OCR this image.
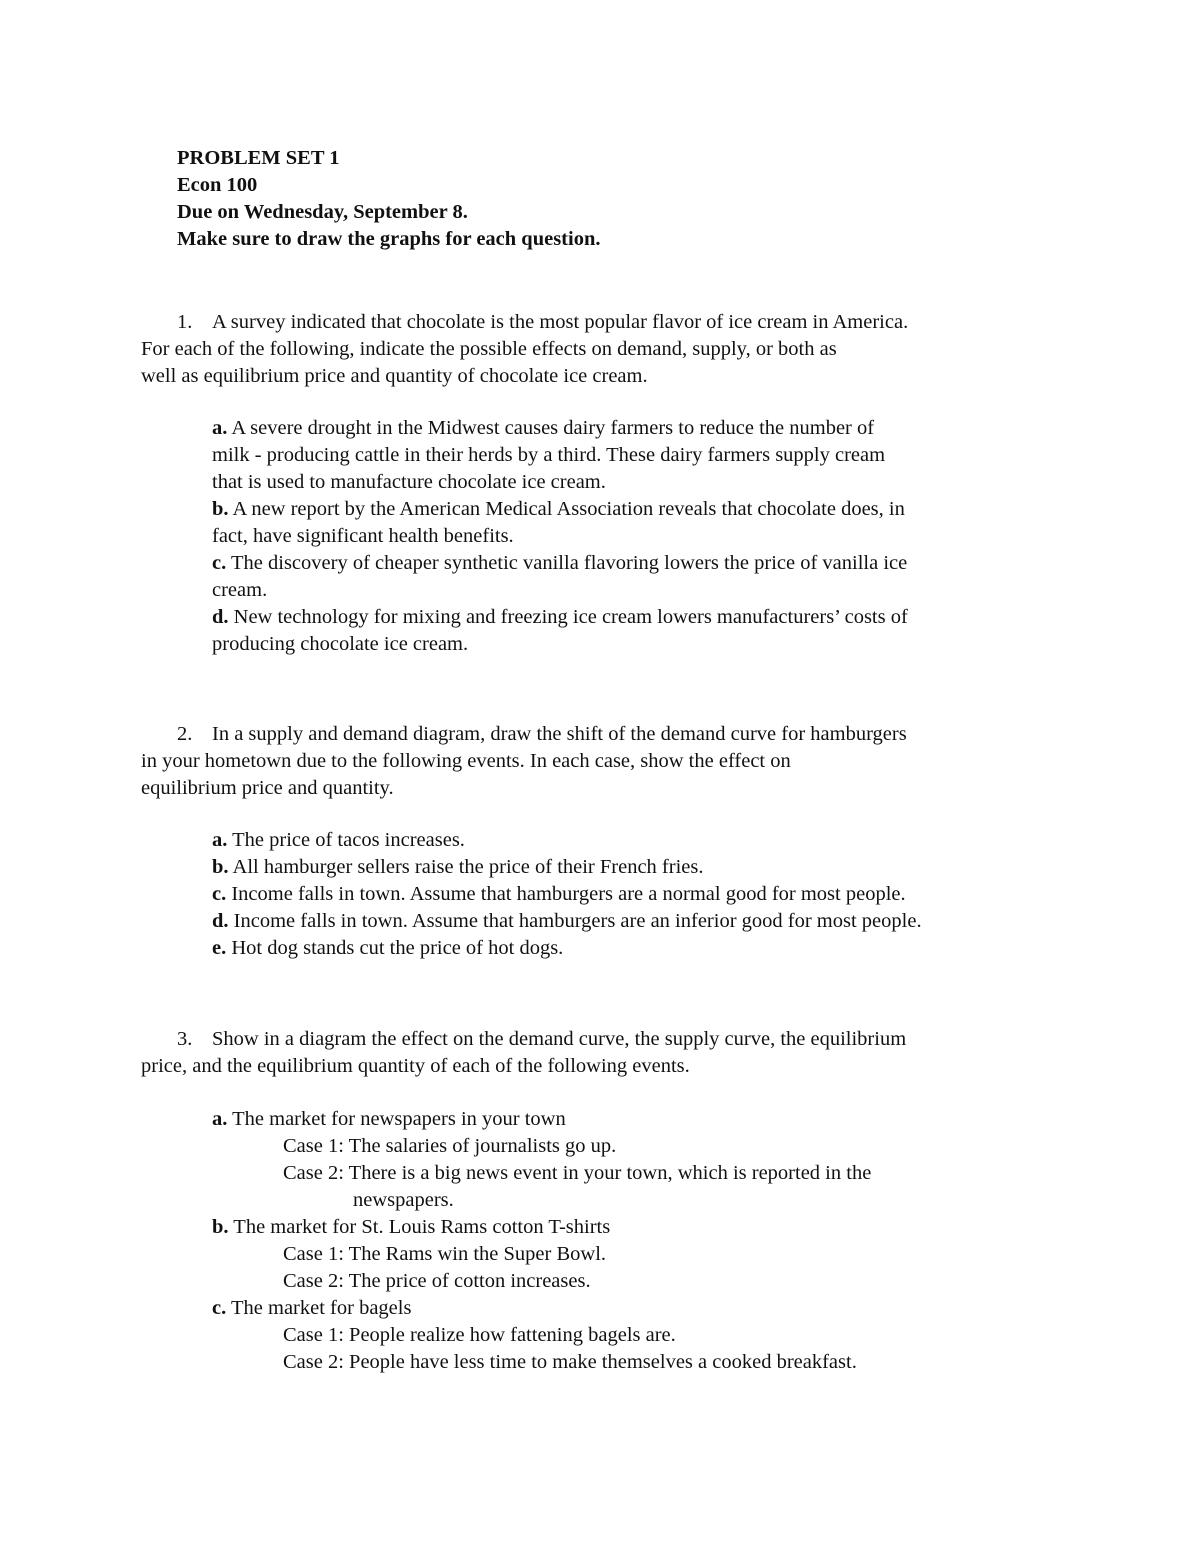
PROBLEM SET 1
Econ 100
Due on Wednesday, September 8.
Make sure to draw the graphs for each question.
1. A survey indicated that chocolate is the most popular flavor of ice cream in America.
For each of the following, indicate the possible effects on demand, supply, or both as
well as equilibrium price and quantity of chocolate ice cream.
a. A severe drought in the Midwest causes dairy farmers to reduce the number of
milk - producing cattle in their herds by a third. These dairy farmers supply cream
that is used to manufacture chocolate ice cream.
b. A new report by the American Medical Association reveals that chocolate does, in
fact, have significant health benefits.
c. The discovery of cheaper synthetic vanilla flavoring lowers the price of vanilla ice
cream.
d. New technology for mixing and freezing ice cream lowers manufacturers’ costs of
producing chocolate ice cream.
2. In a supply and demand diagram, draw the shift of the demand curve for hamburgers
in your hometown due to the following events. In each case, show the effect on
equilibrium price and quantity.
a. The price of tacos increases.
b. All hamburger sellers raise the price of their French fries.
c. Income falls in town. Assume that hamburgers are a normal good for most people.
d. Income falls in town. Assume that hamburgers are an inferior good for most people.
e. Hot dog stands cut the price of hot dogs.
3. Show in a diagram the effect on the demand curve, the supply curve, the equilibrium
price, and the equilibrium quantity of each of the following events.
a. The market for newspapers in your town
Case 1: The salaries of journalists go up.
Case 2: There is a big news event in your town, which is reported in the
newspapers.
b. The market for St. Louis Rams cotton T-shirts
Case 1: The Rams win the Super Bowl.
Case 2: The price of cotton increases.
c. The market for bagels
Case 1: People realize how fattening bagels are.
Case 2: People have less time to make themselves a cooked breakfast.
